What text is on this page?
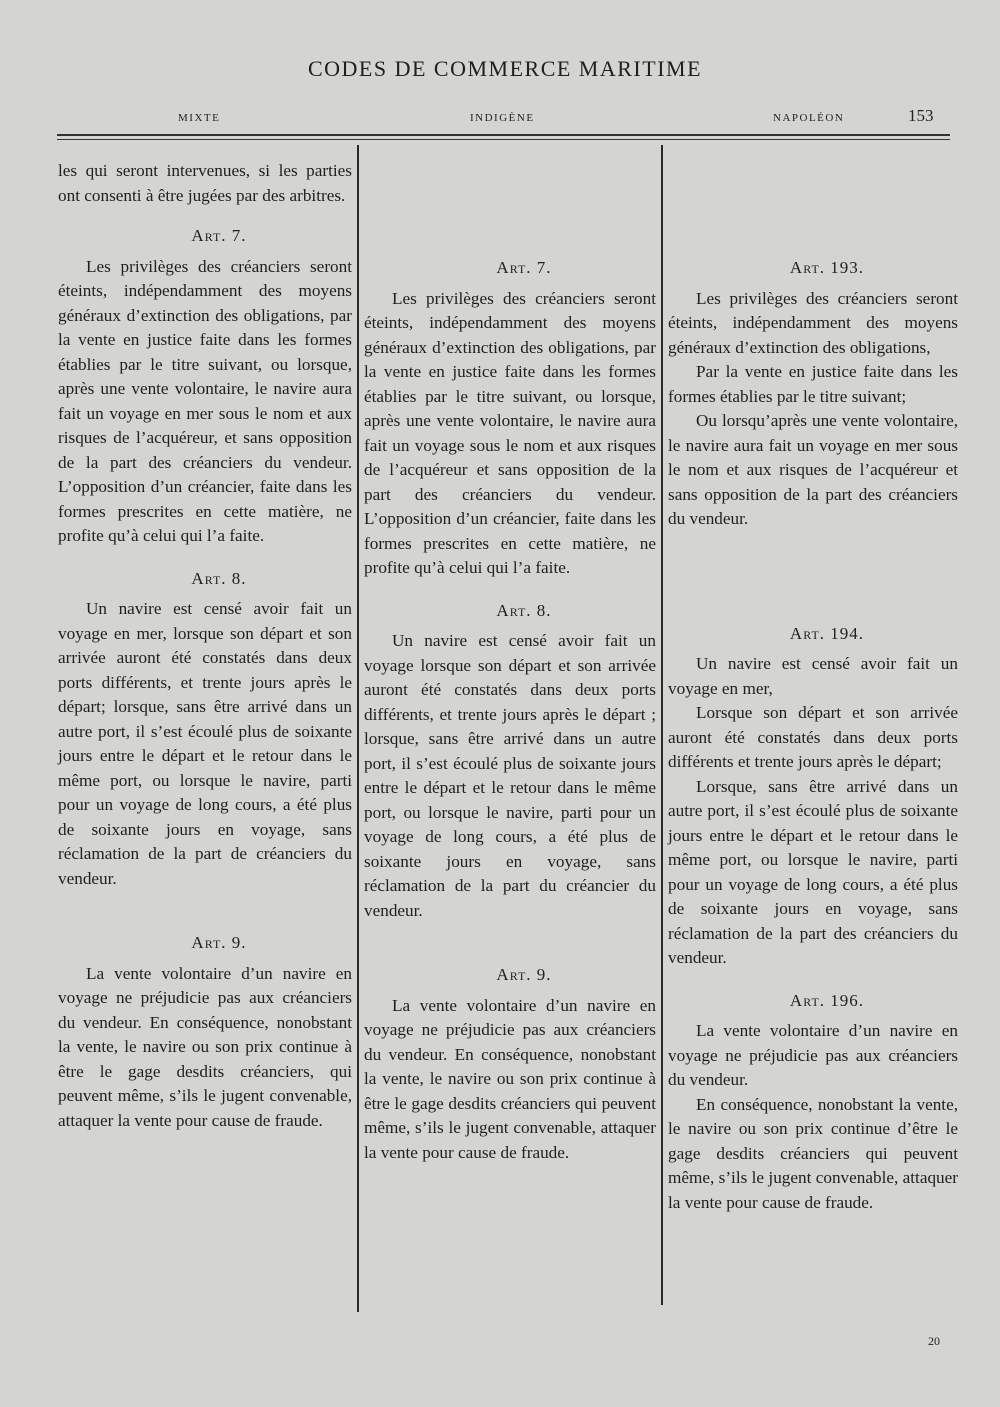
CODES DE COMMERCE MARITIME
MIXTE	INDIGÈNE	NAPOLÉON	153

les qui seront intervenues, si les parties ont consenti à être jugées par des arbitres.

Art. 7.

Les privilèges des créanciers seront éteints, indépendamment des moyens généraux d’extinction des obligations, par la vente en justice faite dans les formes établies par le titre suivant, ou lorsque, après une vente volontaire, le navire aura fait un voyage en mer sous le nom et aux risques de l’acquéreur, et sans opposition de la part des créanciers du vendeur. L’opposition d’un créancier, faite dans les formes prescrites en cette matière, ne profite qu’à celui qui l’a faite.

Art. 8.

Un navire est censé avoir fait un voyage en mer, lorsque son départ et son arrivée auront été constatés dans deux ports différents, et trente jours après le départ; lorsque, sans être arrivé dans un autre port, il s’est écoulé plus de soixante jours entre le départ et le retour dans le même port, ou lorsque le navire, parti pour un voyage de long cours, a été plus de soixante jours en voyage, sans réclamation de la part de créanciers du vendeur.

Art. 9.

La vente volontaire d’un navire en voyage ne préjudicie pas aux créanciers du vendeur. En conséquence, nonobstant la vente, le navire ou son prix continue à être le gage desdits créanciers, qui peuvent même, s’ils le jugent convenable, attaquer la vente pour cause de fraude.

Art. 7.

Les privilèges des créanciers seront éteints, indépendamment des moyens généraux d’extinction des obligations, par la vente en justice faite dans les formes établies par le titre suivant, ou lorsque, après une vente volontaire, le navire aura fait un voyage sous le nom et aux risques de l’acquéreur et sans opposition de la part des créanciers du vendeur. L’opposition d’un créancier, faite dans les formes prescrites en cette matière, ne profite qu’à celui qui l’a faite.

Art. 8.

Un navire est censé avoir fait un voyage lorsque son départ et son arrivée auront été constatés dans deux ports différents, et trente jours après le départ ; lorsque, sans être arrivé dans un autre port, il s’est écoulé plus de soixante jours entre le départ et le retour dans le même port, ou lorsque le navire, parti pour un voyage de long cours, a été plus de soixante jours en voyage, sans réclamation de la part du créancier du vendeur.

Art. 9.

La vente volontaire d’un navire en voyage ne préjudicie pas aux créanciers du vendeur. En conséquence, nonobstant la vente, le navire ou son prix continue à être le gage desdits créanciers qui peuvent même, s’ils le jugent convenable, attaquer la vente pour cause de fraude.

Art. 193.

Les privilèges des créanciers seront éteints, indépendamment des moyens généraux d’extinction des obligations,

Par la vente en justice faite dans les formes établies par le titre suivant;

Ou lorsqu’après une vente volontaire, le navire aura fait un voyage en mer sous le nom et aux risques de l’acquéreur et sans opposition de la part des créanciers du vendeur.

Art. 194.

Un navire est censé avoir fait un voyage en mer,

Lorsque son départ et son arrivée auront été constatés dans deux ports différents et trente jours après le départ;

Lorsque, sans être arrivé dans un autre port, il s’est écoulé plus de soixante jours entre le départ et le retour dans le même port, ou lorsque le navire, parti pour un voyage de long cours, a été plus de soixante jours en voyage, sans réclamation de la part des créanciers du vendeur.

Art. 196.

La vente volontaire d’un navire en voyage ne préjudicie pas aux créanciers du vendeur.

En conséquence, nonobstant la vente, le navire ou son prix continue d’être le gage desdits créanciers qui peuvent même, s’ils le jugent convenable, attaquer la vente pour cause de fraude.

20
